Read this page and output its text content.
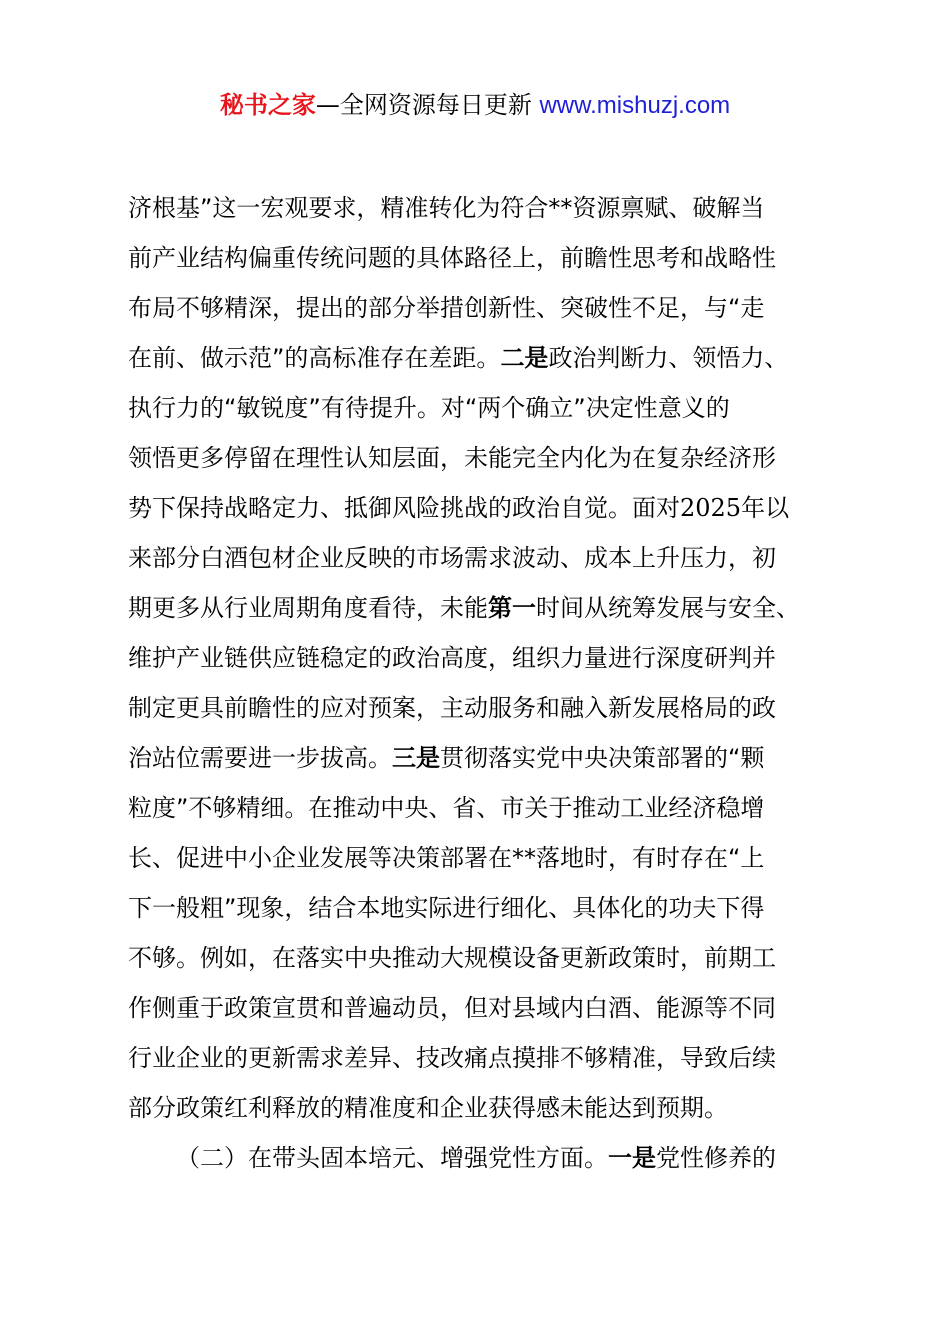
秘书之家—全网资源每日更新 www.mishuzj.com
济根基”这一宏观要求，精准转化为符合**资源禀赋、破解当
前产业结构偏重传统问题的具体路径上，前瞻性思考和战略性
布局不够精深，提出的部分举措创新性、突破性不足，与“走
在前、做示范”的高标准存在差距。二是政治判断力、领悟力、
执行力的“敏锐度”有待提升。对“两个确立”决定性意义的
领悟更多停留在理性认知层面，未能完全内化为在复杂经济形
势下保持战略定力、抵御风险挑战的政治自觉。面对2025年以
来部分白酒包材企业反映的市场需求波动、成本上升压力，初
期更多从行业周期角度看待，未能第一时间从统筹发展与安全、
维护产业链供应链稳定的政治高度，组织力量进行深度研判并
制定更具前瞻性的应对预案，主动服务和融入新发展格局的政
治站位需要进一步拔高。三是贯彻落实党中央决策部署的“颗
粒度”不够精细。在推动中央、省、市关于推动工业经济稳增
长、促进中小企业发展等决策部署在**落地时，有时存在“上
下一般粗”现象，结合本地实际进行细化、具体化的功夫下得
不够。例如，在落实中央推动大规模设备更新政策时，前期工
作侧重于政策宣贯和普遍动员，但对县域内白酒、能源等不同
行业企业的更新需求差异、技改痛点摸排不够精准，导致后续
部分政策红利释放的精准度和企业获得感未能达到预期。
（二）在带头固本培元、增强党性方面。一是党性修养的
